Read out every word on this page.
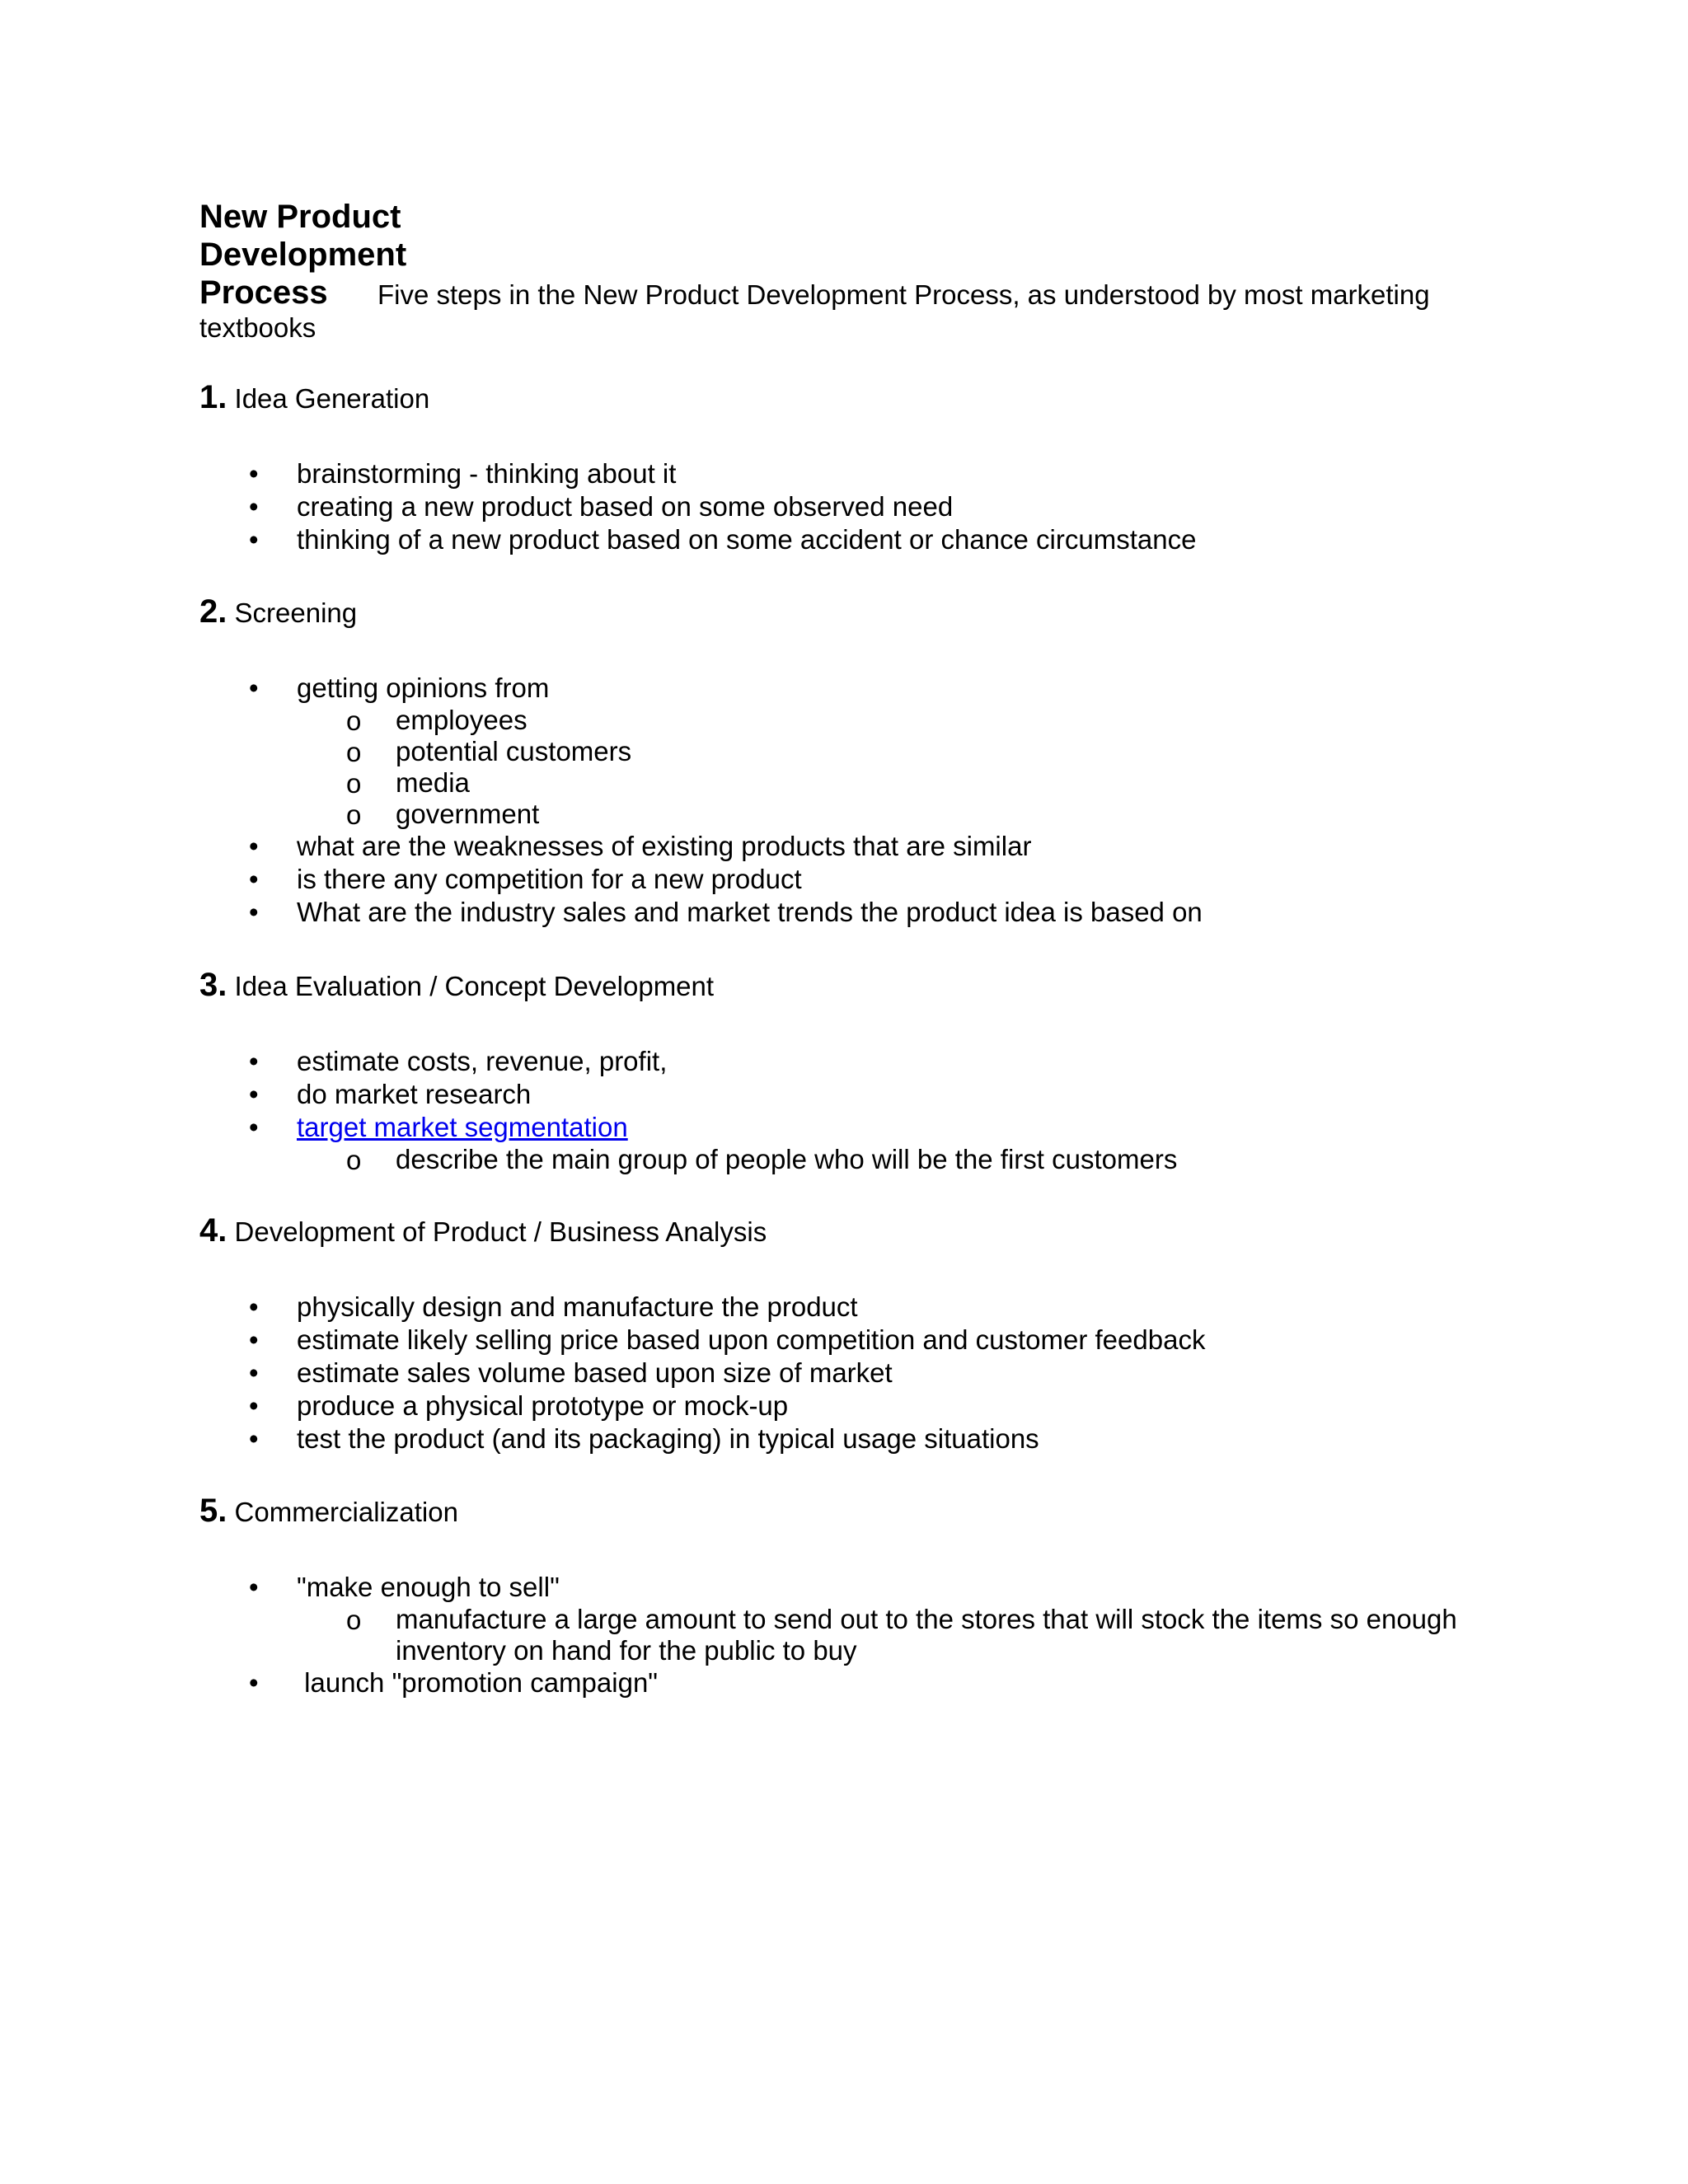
New Product

Development

Process	Five steps in the New Product Development Process, as understood by most marketing textbooks

1. Idea Generation

• brainstorming - thinking about it
• creating a new product based on some observed need
• thinking of a new product based on some accident or chance circumstance

2. Screening

• getting opinions from
o employees
o potential customers
o media
o government
• what are the weaknesses of existing products that are similar
• is there any competition for a new product
• What are the industry sales and market trends the product idea is based on

3. Idea Evaluation / Concept Development

• estimate costs, revenue, profit,
• do market research
• target market segmentation
o describe the main group of people who will be the first customers

4. Development of Product / Business Analysis

• physically design and manufacture the product
• estimate likely selling price based upon competition and customer feedback
• estimate sales volume based upon size of market
• produce a physical prototype or mock-up
• test the product (and its packaging) in typical usage situations

5. Commercialization

• "make enough to sell"
o manufacture a large amount to send out to the stores that will stock the items so enough inventory on hand for the public to buy
• launch "promotion campaign"
